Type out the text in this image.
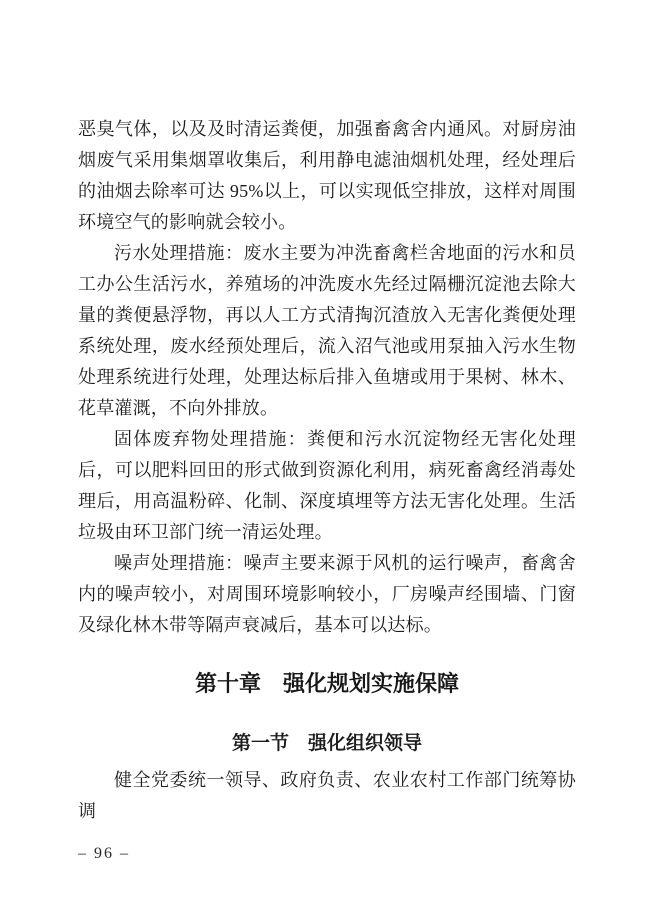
恶臭气体，以及及时清运粪便，加强畜禽舍内通风。对厨房油烟废气采用集烟罩收集后，利用静电滤油烟机处理，经处理后的油烟去除率可达 95%以上，可以实现低空排放，这样对周围环境空气的影响就会较小。

污水处理措施：废水主要为冲洗畜禽栏舍地面的污水和员工办公生活污水，养殖场的冲洗废水先经过隔栅沉淀池去除大量的粪便悬浮物，再以人工方式清掏沉渣放入无害化粪便处理系统处理，废水经预处理后，流入沼气池或用泵抽入污水生物处理系统进行处理，处理达标后排入鱼塘或用于果树、林木、花草灌溉，不向外排放。

固体废弃物处理措施：粪便和污水沉淀物经无害化处理后，可以肥料回田的形式做到资源化利用，病死畜禽经消毒处理后，用高温粉碎、化制、深度填埋等方法无害化处理。生活垃圾由环卫部门统一清运处理。

噪声处理措施：噪声主要来源于风机的运行噪声，畜禽舍内的噪声较小，对周围环境影响较小，厂房噪声经围墙、门窗及绿化林木带等隔声衰减后，基本可以达标。

第十章　强化规划实施保障
第一节　强化组织领导

健全党委统一领导、政府负责、农业农村工作部门统筹协调

– 96 –
